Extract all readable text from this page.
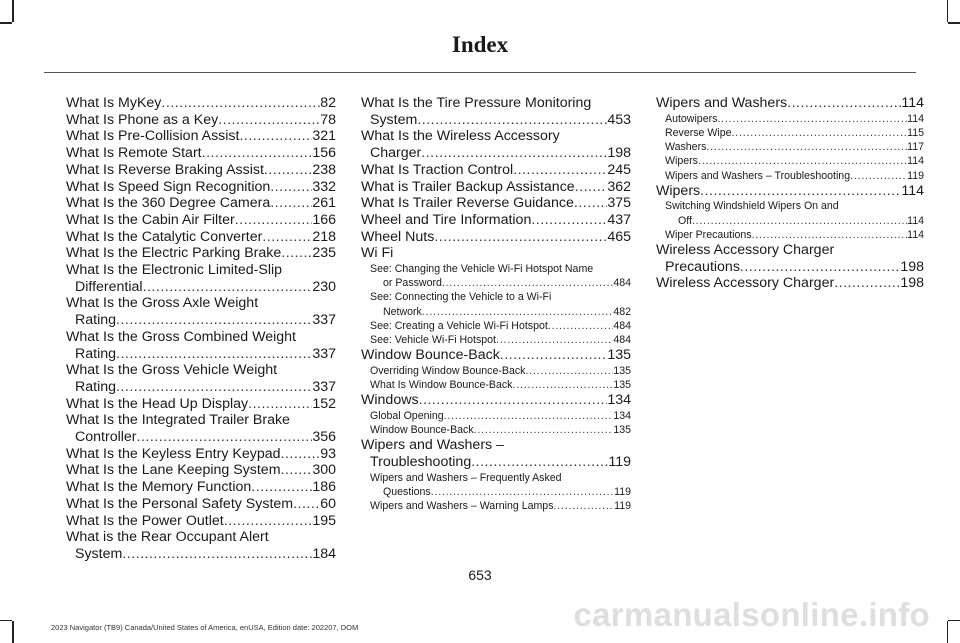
Index
What Is MyKey .....	82
What Is Phone as a Key .....	78
What Is Pre-Collision Assist .....	321
What Is Remote Start .....	156
What Is Reverse Braking Assist .....	238
What Is Speed Sign Recognition .....	332
What Is the 360 Degree Camera .....	261
What Is the Cabin Air Filter .....	166
What Is the Catalytic Converter .....	218
What Is the Electric Parking Brake ..... 235
What Is the Electronic Limited-Slip
Differential .....	230
What Is the Gross Axle Weight
Rating .....	337
What Is the Gross Combined Weight
Rating .....	337
What Is the Gross Vehicle Weight
Rating .....	337
What Is the Head Up Display .....	152
What Is the Integrated Trailer Brake
Controller .....	356
What Is the Keyless Entry Keypad .....	93
What Is the Lane Keeping System ..... 300
What Is the Memory Function .....	186
What Is the Personal Safety System ..... 60
What Is the Power Outlet .....	195
What is the Rear Occupant Alert
System .....	184
What Is the Tire Pressure Monitoring
System .....	453
What Is the Wireless Accessory
Charger .....	198
What Is Traction Control .....	245
What is Trailer Backup Assistance ..... 362
What Is Trailer Reverse Guidance ..... 375
Wheel and Tire Information .....	437
Wheel Nuts .....	465
Wi Fi
See: Changing the Vehicle Wi-Fi Hotspot Name
or Password .....	484
See: Connecting the Vehicle to a Wi-Fi
Network .....	482
See: Creating a Vehicle Wi-Fi Hotspot .....	484
See: Vehicle Wi-Fi Hotspot .....	484
Window Bounce-Back .....	135
Overriding Window Bounce-Back .....	135
What Is Window Bounce-Back .....	135
Windows .....	134
Global Opening .....	134
Window Bounce-Back .....	135
Wipers and Washers –
Troubleshooting .....	119
Wipers and Washers – Frequently Asked
Questions .....	119
Wipers and Washers – Warning Lamps .....	119
Wipers and Washers .....	114
Autowipers .....	114
Reverse Wipe .....	115
Washers .....	117
Wipers .....	114
Wipers and Washers – Troubleshooting .....	119
Wipers .....	114
Switching Windshield Wipers On and
Off .....	114
Wiper Precautions .....	114
Wireless Accessory Charger
Precautions .....	198
Wireless Accessory Charger .....	198
653
2023 Navigator (TB9) Canada/United States of America, enUSA, Edition date: 202207, DOM	carmanualsonline.info
